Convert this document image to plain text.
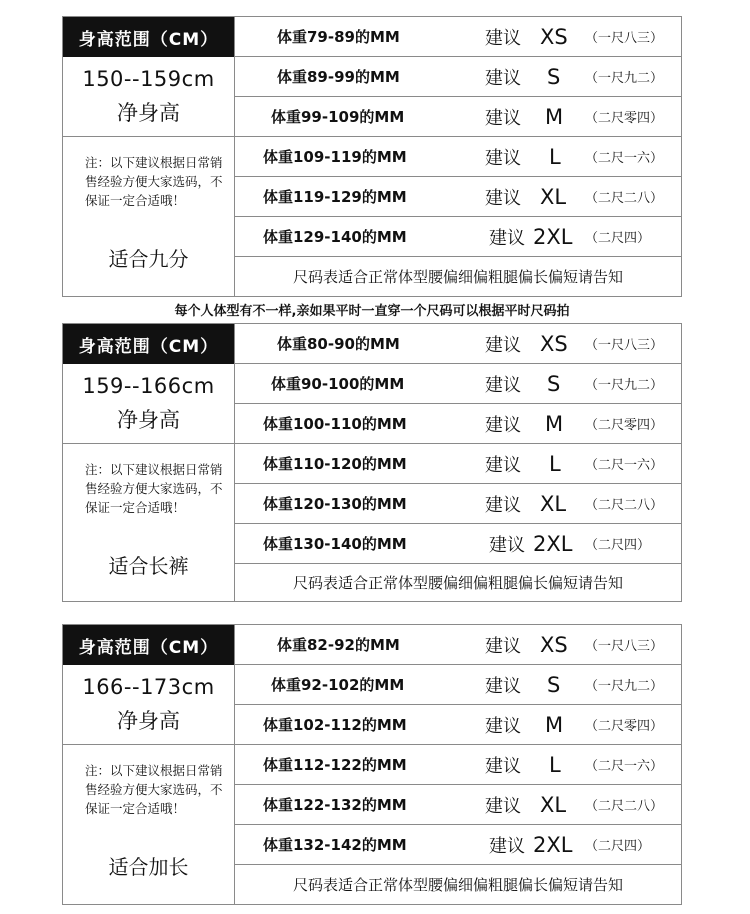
身高范围（CM）
150--159cm
净身高
注：以下建议根据日常销售经验方便大家选码，不保证一定合适哦！
适合九分
体重79-89的MM	建议 XS （一尺八三）
体重89-99的MM	建议 S （一尺九二）
体重99-109的MM	建议 M （二尺零四）
体重109-119的MM	建议 L （二尺一六）
体重119-129的MM	建议 XL （二尺二八）
体重129-140的MM	建议 2XL （二尺四）
尺码表适合正常体型腰偏细偏粗腿偏长偏短请告知
每个人体型有不一样,亲如果平时一直穿一个尺码可以根据平时尺码拍
身高范围（CM）
159--166cm
净身高
注：以下建议根据日常销售经验方便大家选码，不保证一定合适哦！
适合长裤
体重80-90的MM	建议 XS （一尺八三）
体重90-100的MM	建议 S （一尺九二）
体重100-110的MM	建议 M （二尺零四）
体重110-120的MM	建议 L （二尺一六）
体重120-130的MM	建议 XL （二尺二八）
体重130-140的MM	建议 2XL （二尺四）
尺码表适合正常体型腰偏细偏粗腿偏长偏短请告知
身高范围（CM）
166--173cm
净身高
注：以下建议根据日常销售经验方便大家选码，不保证一定合适哦！
适合加长
体重82-92的MM	建议 XS （一尺八三）
体重92-102的MM	建议 S （一尺九二）
体重102-112的MM	建议 M （二尺零四）
体重112-122的MM	建议 L （二尺一六）
体重122-132的MM	建议 XL （二尺二八）
体重132-142的MM	建议 2XL （二尺四）
尺码表适合正常体型腰偏细偏粗腿偏长偏短请告知
